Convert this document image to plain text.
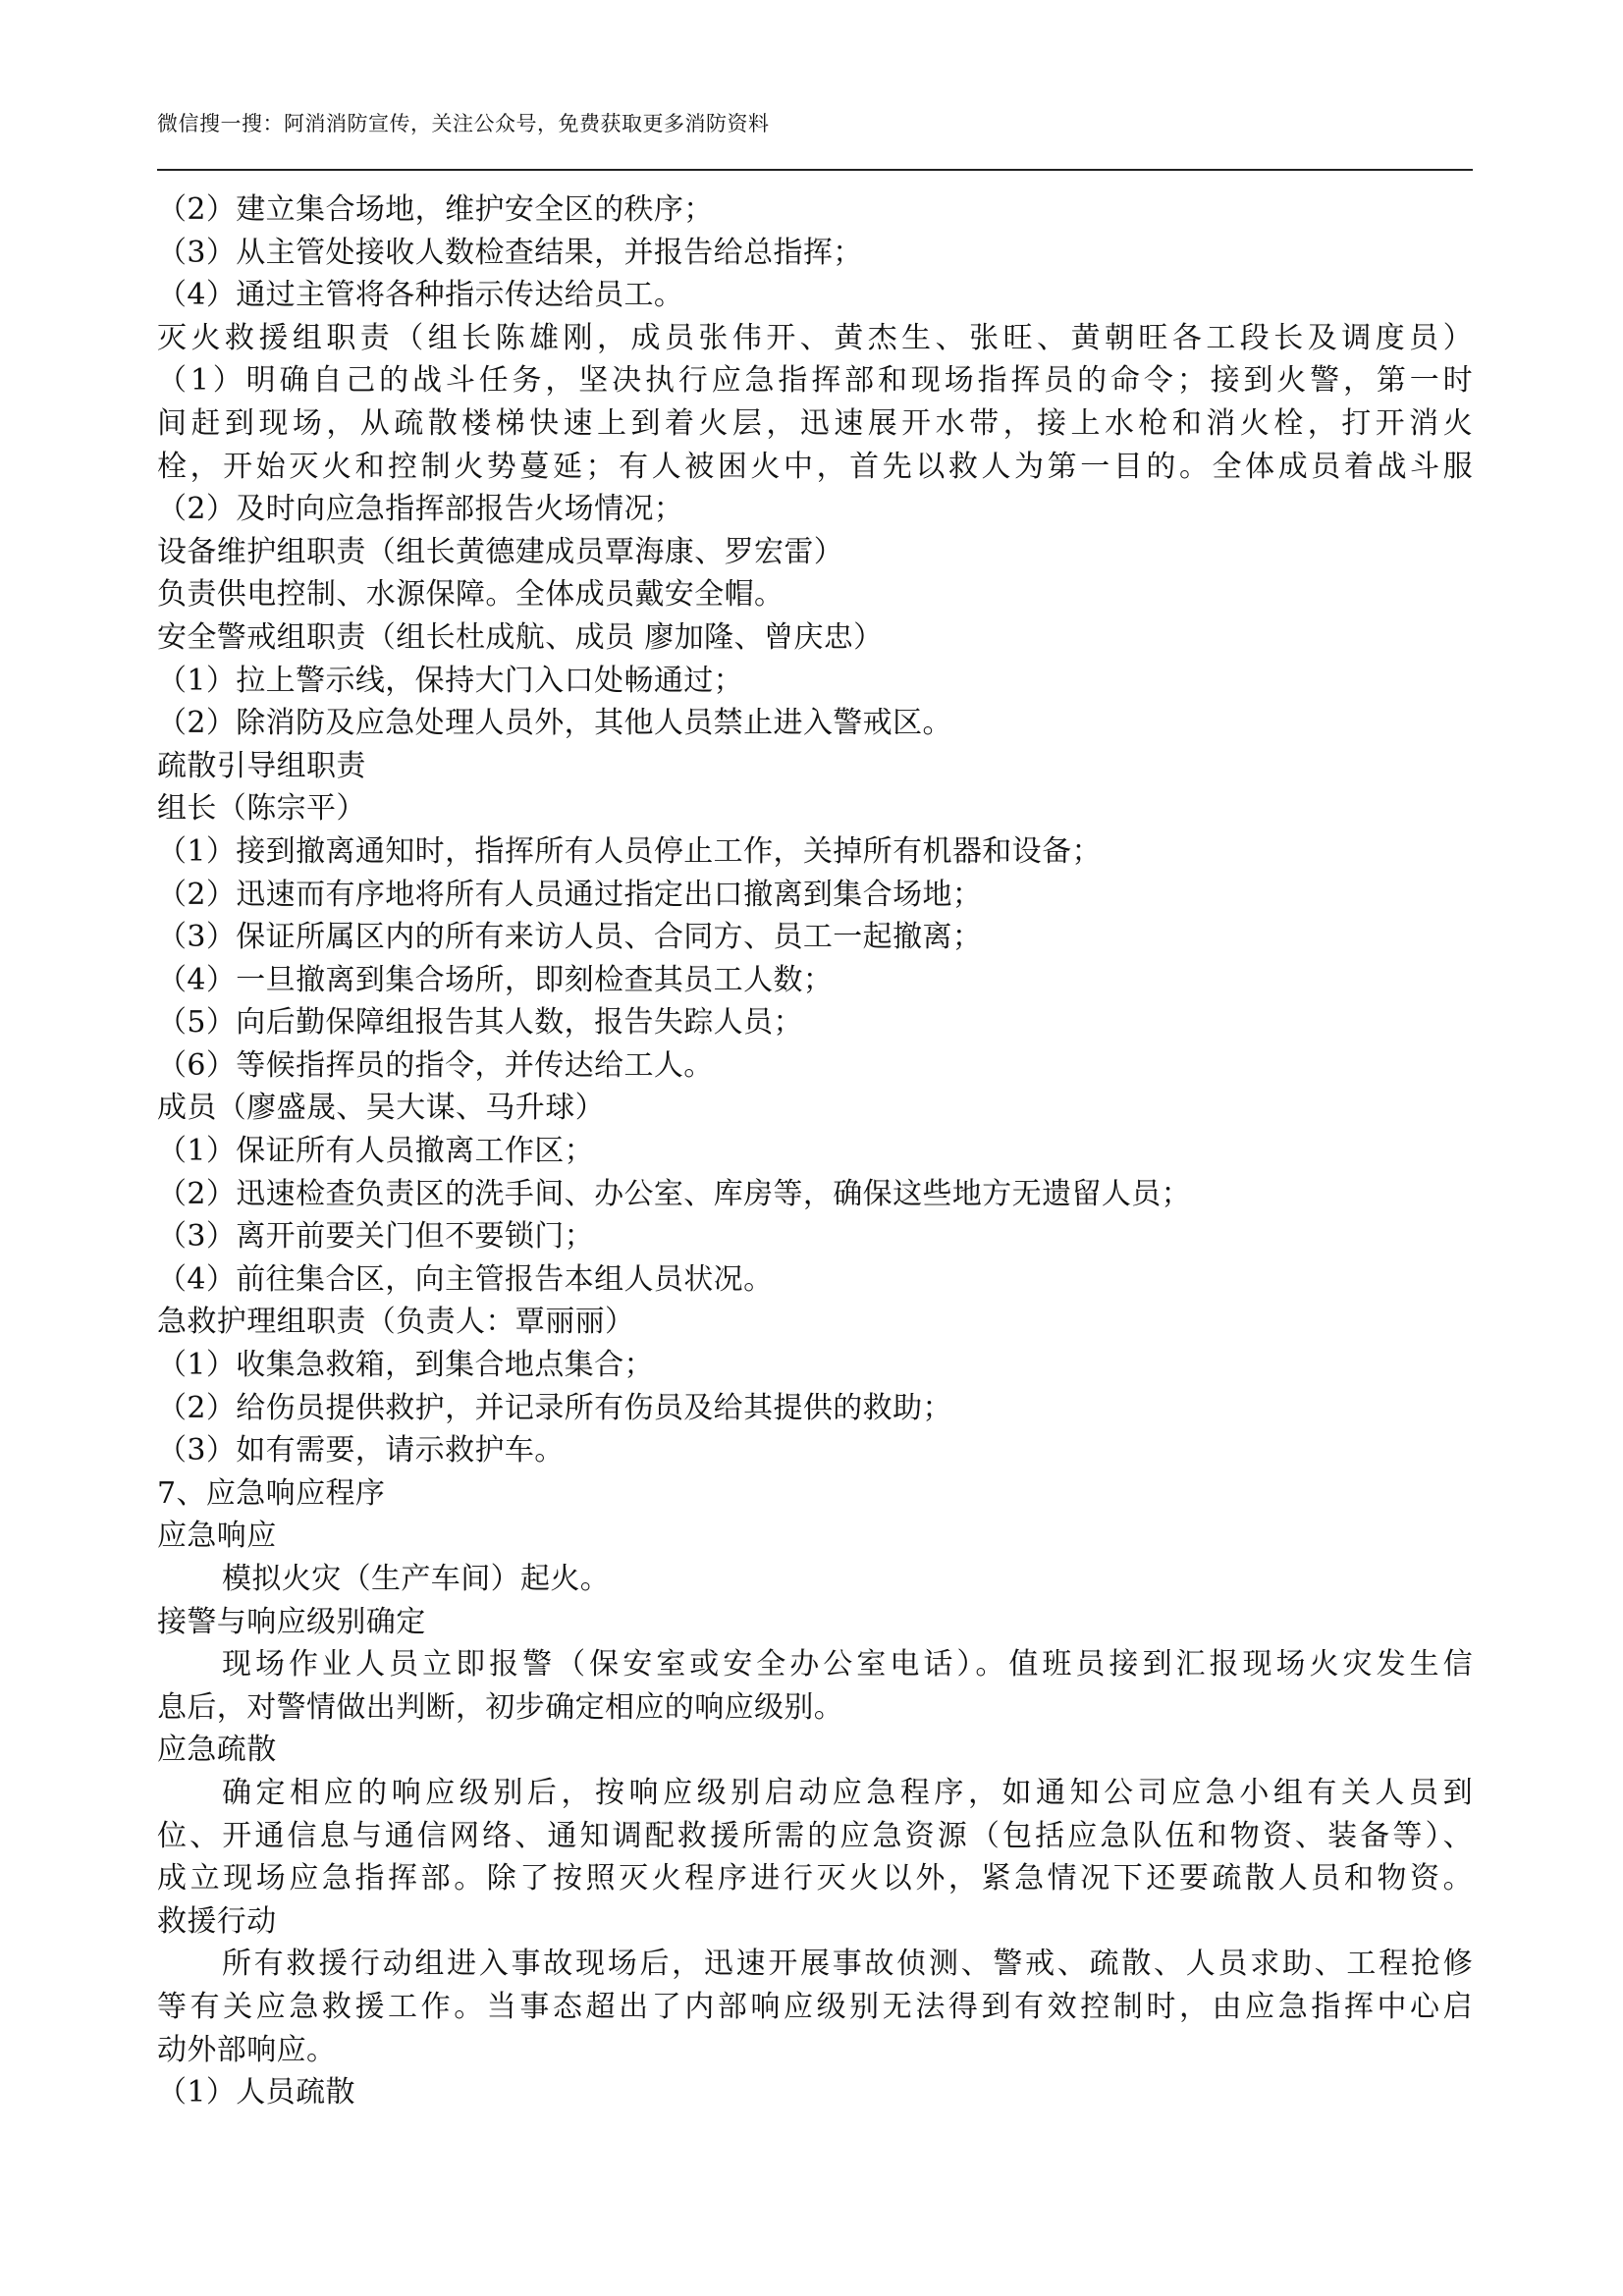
微信搜一搜：阿消消防宣传，关注公众号，免费获取更多消防资料
（2）建立集合场地，维护安全区的秩序；
（3）从主管处接收人数检查结果，并报告给总指挥；
（4）通过主管将各种指示传达给员工。
灭火救援组职责（组长陈雄刚，成员张伟开、黄杰生、张旺、黄朝旺各工段长及调度员）
（1）明确自己的战斗任务，坚决执行应急指挥部和现场指挥员的命令；接到火警，第一时
间赶到现场，从疏散楼梯快速上到着火层，迅速展开水带，接上水枪和消火栓，打开消火
栓，开始灭火和控制火势蔓延；有人被困火中，首先以救人为第一目的。全体成员着战斗服
（2）及时向应急指挥部报告火场情况；
设备维护组职责（组长黄德建成员覃海康、罗宏雷）
负责供电控制、水源保障。全体成员戴安全帽。
安全警戒组职责（组长杜成航、成员 廖加隆、曾庆忠）
（1）拉上警示线，保持大门入口处畅通过；
（2）除消防及应急处理人员外，其他人员禁止进入警戒区。
疏散引导组职责
组长（陈宗平）
（1）接到撤离通知时，指挥所有人员停止工作，关掉所有机器和设备；
（2）迅速而有序地将所有人员通过指定出口撤离到集合场地；
（3）保证所属区内的所有来访人员、合同方、员工一起撤离；
（4）一旦撤离到集合场所，即刻检查其员工人数；
（5）向后勤保障组报告其人数，报告失踪人员；
（6）等候指挥员的指令，并传达给工人。
成员（廖盛晟、吴大谋、马升球）
（1）保证所有人员撤离工作区；
（2）迅速检查负责区的洗手间、办公室、库房等，确保这些地方无遗留人员；
（3）离开前要关门但不要锁门；
（4）前往集合区，向主管报告本组人员状况。
急救护理组职责（负责人：覃丽丽）
（1）收集急救箱，到集合地点集合；
（2）给伤员提供救护，并记录所有伤员及给其提供的救助；
（3）如有需要，请示救护车。
7、应急响应程序
应急响应
模拟火灾（生产车间）起火。
接警与响应级别确定
现场作业人员立即报警（保安室或安全办公室电话）。值班员接到汇报现场火灾发生信
息后，对警情做出判断，初步确定相应的响应级别。
应急疏散
确定相应的响应级别后，按响应级别启动应急程序，如通知公司应急小组有关人员到
位、开通信息与通信网络、通知调配救援所需的应急资源（包括应急队伍和物资、装备等）、
成立现场应急指挥部。除了按照灭火程序进行灭火以外，紧急情况下还要疏散人员和物资。
救援行动
所有救援行动组进入事故现场后，迅速开展事故侦测、警戒、疏散、人员求助、工程抢修
等有关应急救援工作。当事态超出了内部响应级别无法得到有效控制时，由应急指挥中心启
动外部响应。
（1）人员疏散
